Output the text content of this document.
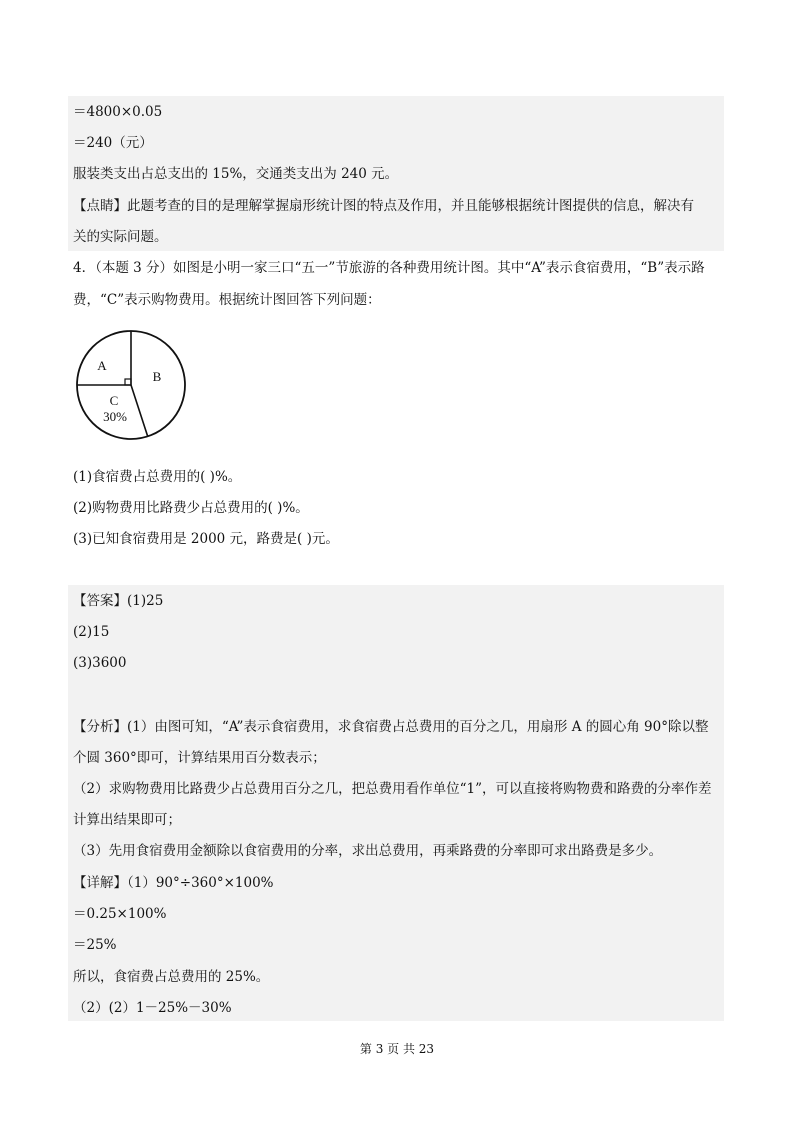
＝4800×0.05
＝240（元）
服装类支出占总支出的 15%，交通类支出为 240 元。
【点睛】此题考查的目的是理解掌握扇形统计图的特点及作用，并且能够根据统计图提供的信息，解决有
关的实际问题。
4．（本题 3 分）如图是小明一家三口“五一”节旅游的各种费用统计图。其中“A”表示食宿费用，“B”表示路
费，“C”表示购物费用。根据统计图回答下列问题：
A
B
C
30%
(1)食宿费占总费用的( )%。
(2)购物费用比路费少占总费用的( )%。
(3)已知食宿费用是 2000 元，路费是( )元。
【答案】(1)25
(2)15
(3)3600
【分析】(1）由图可知，“A”表示食宿费用，求食宿费占总费用的百分之几，用扇形 A 的圆心角 90°除以整
个圆 360°即可，计算结果用百分数表示；
（2）求购物费用比路费少占总费用百分之几，把总费用看作单位“1”，可以直接将购物费和路费的分率作差
计算出结果即可；
（3）先用食宿费用金额除以食宿费用的分率，求出总费用，再乘路费的分率即可求出路费是多少。
【详解】（1）90°÷360°×100%
＝0.25×100%
＝25%
所以，食宿费占总费用的 25%。
（2）(2）1－25%－30%
第 3 页 共 23
